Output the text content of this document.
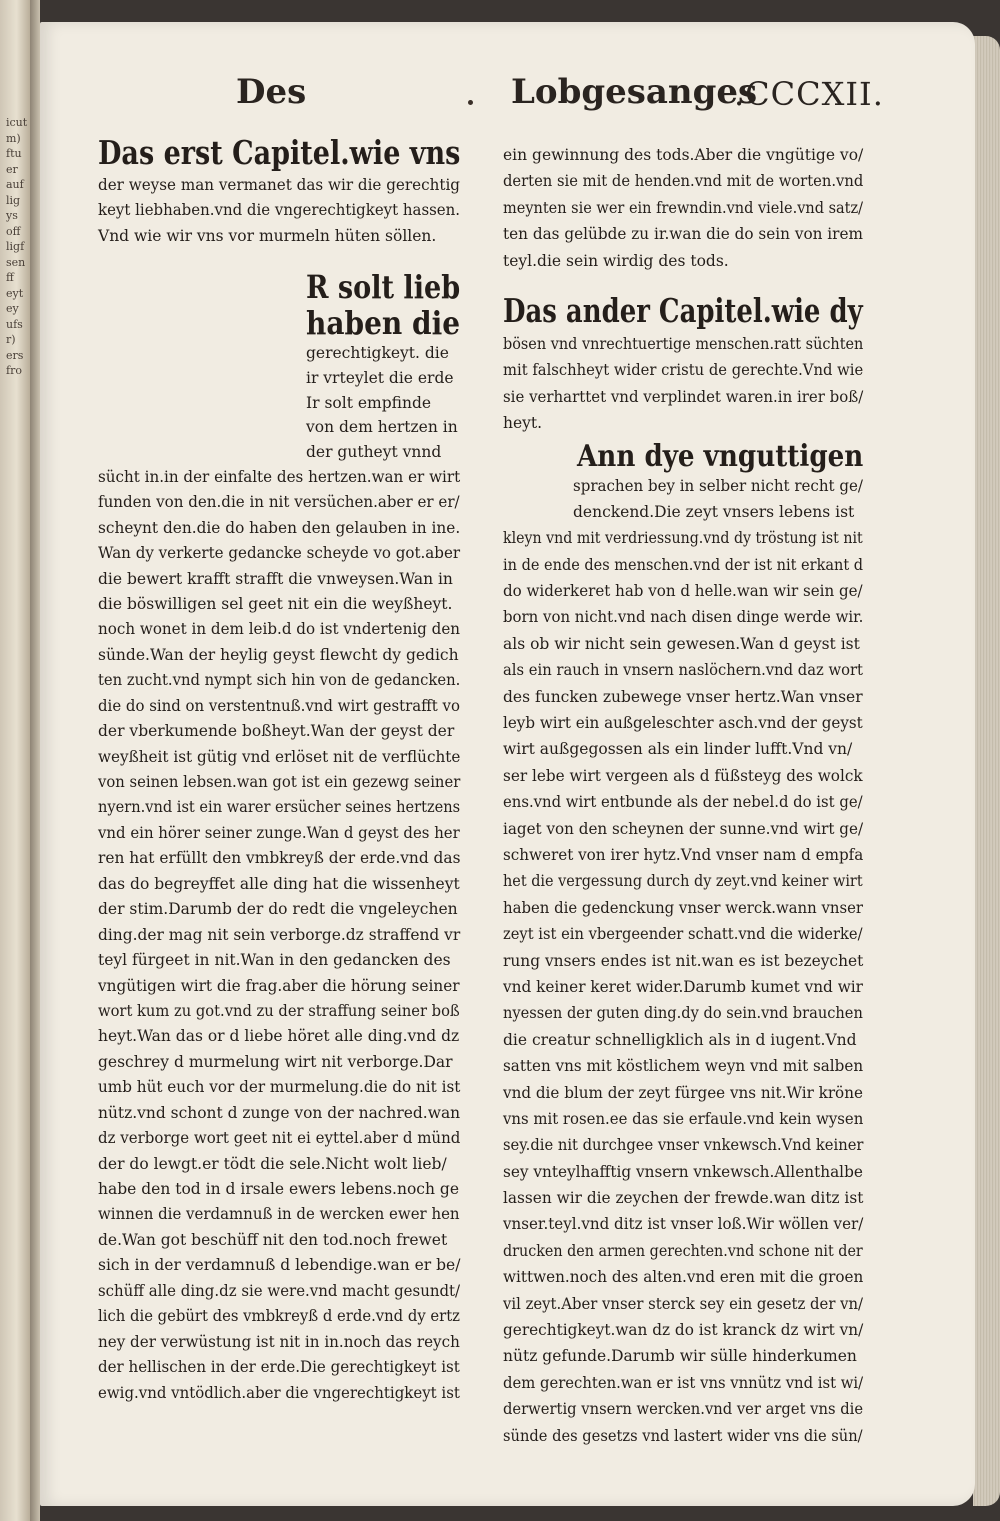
icut
m)
ftu
er
auf
lig
ys
off
ligf
sen
ff
eyt
ey
ufs
r)
ers
fro
Des	Lobgesanges
.CCCXII.
Das erst Capitel.wie vns
der weyse man vermanet das wir die gerechtig
keyt liebhaben.vnd die vngerechtigkeyt hassen.
Vnd wie wir vns vor murmeln hüten söllen.
R solt lieb
haben die
gerechtigkeyt. die
ir vrteylet die erde
Ir solt empfinde
von dem hertzen in
der gutheyt vnnd
sücht in.in der einfalte des hertzen.wan er wirt
funden von den.die in nit versüchen.aber er er/
scheynt den.die do haben den gelauben in ine.
Wan dy verkerte gedancke scheyde vo got.aber
die bewert krafft strafft die vnweysen.Wan in
die böswilligen sel geet nit ein die weyßheyt.
noch wonet in dem leib.d do ist vndertenig den
sünde.Wan der heylig geyst flewcht dy gedich
ten zucht.vnd nympt sich hin von de gedancken.
die do sind on verstentnuß.vnd wirt gestrafft vo
der vberkumende boßheyt.Wan der geyst der
weyßheit ist gütig vnd erlöset nit de verflüchte
von seinen lebsen.wan got ist ein gezewg seiner
nyern.vnd ist ein warer ersücher seines hertzens
vnd ein hörer seiner zunge.Wan d geyst des her
ren hat erfüllt den vmbkreyß der erde.vnd das
das do begreyffet alle ding hat die wissenheyt
der stim.Darumb der do redt die vngeleychen
ding.der mag nit sein verborge.dz straffend vr
teyl fürgeet in nit.Wan in den gedancken des
vngütigen wirt die frag.aber die hörung seiner
wort kum zu got.vnd zu der straffung seiner boß
heyt.Wan das or d liebe höret alle ding.vnd dz
geschrey d murmelung wirt nit verborge.Dar
umb hüt euch vor der murmelung.die do nit ist
nütz.vnd schont d zunge von der nachred.wan
dz verborge wort geet nit ei eyttel.aber d münd
der do lewgt.er tödt die sele.Nicht wolt lieb/
habe den tod in d irsale ewers lebens.noch ge
winnen die verdamnuß in de wercken ewer hen
de.Wan got beschüff nit den tod.noch frewet
sich in der verdamnuß d lebendige.wan er be/
schüff alle ding.dz sie were.vnd macht gesundt/
lich die gebürt des vmbkreyß d erde.vnd dy ertz
ney der verwüstung ist nit in in.noch das reych
der hellischen in der erde.Die gerechtigkeyt ist
ewig.vnd vntödlich.aber die vngerechtigkeyt ist
ein gewinnung des tods.Aber die vngütige vo/
derten sie mit de henden.vnd mit de worten.vnd
meynten sie wer ein frewndin.vnd viele.vnd satz/
ten das gelübde zu ir.wan die do sein von irem
teyl.die sein wirdig des tods.
Das ander Capitel.wie dy
bösen vnd vnrechtuertige menschen.ratt süchten
mit falschheyt wider cristu de gerechte.Vnd wie
sie verharttet vnd verplindet waren.in irer boß/
heyt.
Ann dye vnguttigen
sprachen bey in selber nicht recht ge/
denckend.Die zeyt vnsers lebens ist
kleyn vnd mit verdriessung.vnd dy tröstung ist nit
in de ende des menschen.vnd der ist nit erkant d
do widerkeret hab von d helle.wan wir sein ge/
born von nicht.vnd nach disen dinge werde wir.
als ob wir nicht sein gewesen.Wan d geyst ist
als ein rauch in vnsern naslöchern.vnd daz wort
des funcken zubewege vnser hertz.Wan vnser
leyb wirt ein außgeleschter asch.vnd der geyst
wirt außgegossen als ein linder lufft.Vnd vn/
ser lebe wirt vergeen als d füßsteyg des wolck
ens.vnd wirt entbunde als der nebel.d do ist ge/
iaget von den scheynen der sunne.vnd wirt ge/
schweret von irer hytz.Vnd vnser nam d empfa
het die vergessung durch dy zeyt.vnd keiner wirt
haben die gedenckung vnser werck.wann vnser
zeyt ist ein vbergeender schatt.vnd die widerke/
rung vnsers endes ist nit.wan es ist bezeychet
vnd keiner keret wider.Darumb kumet vnd wir
nyessen der guten ding.dy do sein.vnd brauchen
die creatur schnelligklich als in d iugent.Vnd
satten vns mit köstlichem weyn vnd mit salben
vnd die blum der zeyt fürgee vns nit.Wir kröne
vns mit rosen.ee das sie erfaule.vnd kein wysen
sey.die nit durchgee vnser vnkewsch.Vnd keiner
sey vnteylhafftig vnsern vnkewsch.Allenthalbe
lassen wir die zeychen der frewde.wan ditz ist
vnser.teyl.vnd ditz ist vnser loß.Wir wöllen ver/
drucken den armen gerechten.vnd schone nit der
wittwen.noch des alten.vnd eren mit die groen
vil zeyt.Aber vnser sterck sey ein gesetz der vn/
gerechtigkeyt.wan dz do ist kranck dz wirt vn/
nütz gefunde.Darumb wir sülle hinderkumen
dem gerechten.wan er ist vns vnnütz vnd ist wi/
derwertig vnsern wercken.vnd ver arget vns die
sünde des gesetzs vnd lastert wider vns die sün/
